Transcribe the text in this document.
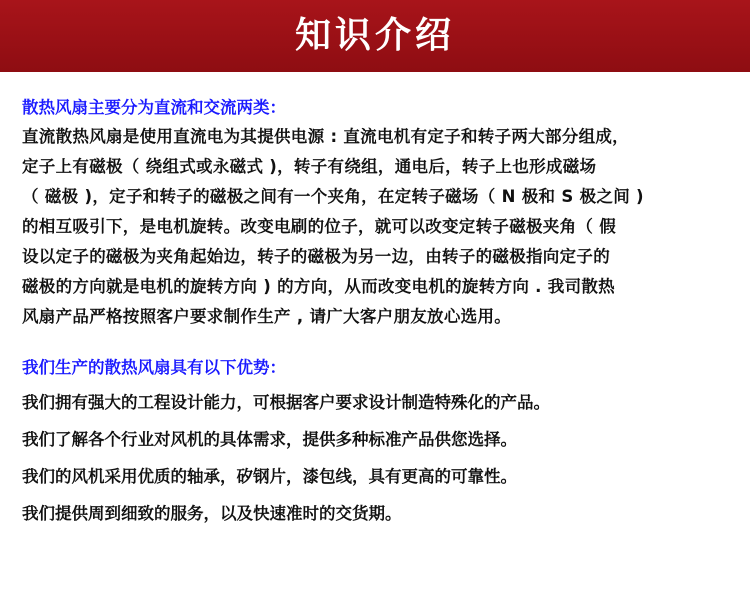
知识介绍
散热风扇主要分为直流和交流两类：
直流散热风扇是使用直流电为其提供电源 : 直流电机有定子和转子两大部分组成，
定子上有磁极（ 绕组式或永磁式 )，转子有绕组，通电后，转子上也形成磁场
（ 磁极 )，定子和转子的磁极之间有一个夹角，在定转子磁场（ N 极和 S 极之间 )
的相互吸引下，是电机旋转。改变电刷的位子，就可以改变定转子磁极夹角（ 假
设以定子的磁极为夹角起始边，转子的磁极为另一边，由转子的磁极指向定子的
磁极的方向就是电机的旋转方向 ) 的方向，从而改变电机的旋转方向 . 我司散热
风扇产品严格按照客户要求制作生产 , 请广大客户朋友放心选用。
我们生产的散热风扇具有以下优势：
我们拥有强大的工程设计能力，可根据客户要求设计制造特殊化的产品。
我们了解各个行业对风机的具体需求，提供多种标准产品供您选择。
我们的风机采用优质的轴承，矽钢片，漆包线，具有更高的可靠性。
我们提供周到细致的服务，以及快速准时的交货期。
